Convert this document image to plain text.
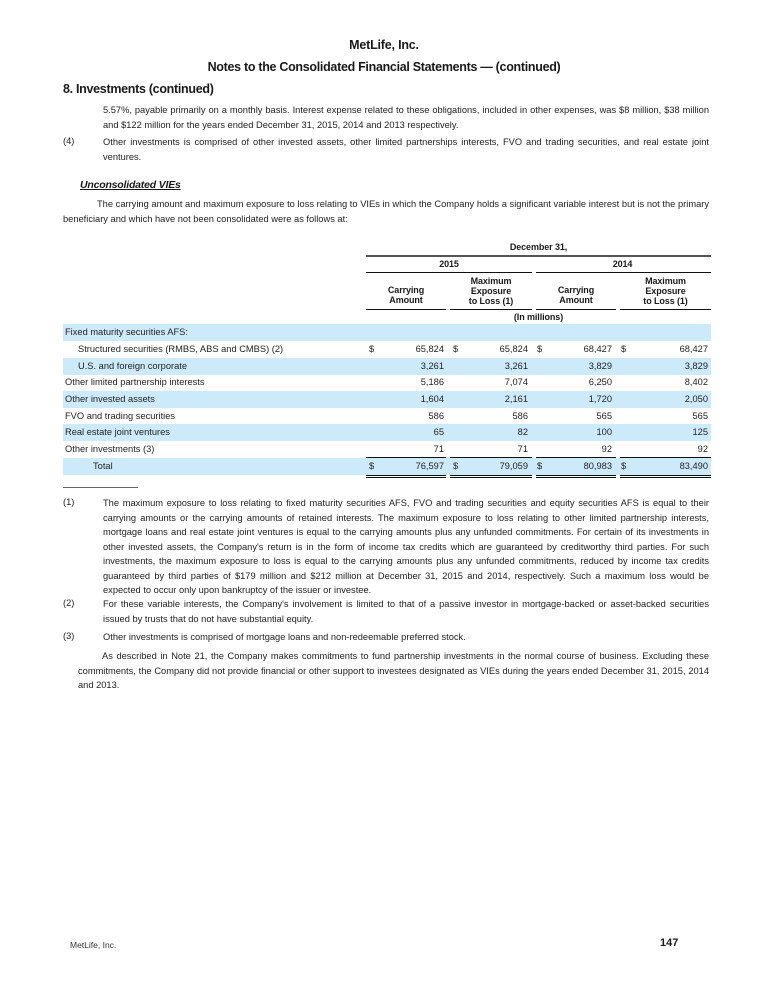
MetLife, Inc.
Notes to the Consolidated Financial Statements — (continued)
8. Investments (continued)
5.57%, payable primarily on a monthly basis. Interest expense related to these obligations, included in other expenses, was $8 million, $38 million and $122 million for the years ended December 31, 2015, 2014 and 2013 respectively.
(4)	Other investments is comprised of other invested assets, other limited partnerships interests, FVO and trading securities, and real estate joint ventures.
Unconsolidated VIEs
The carrying amount and maximum exposure to loss relating to VIEs in which the Company holds a significant variable interest but is not the primary beneficiary and which have not been consolidated were as follows at:
December 31,
2015	2014
Carrying
Amount
Maximum
Exposure
to Loss (1)
Carrying
Amount
Maximum
Exposure
to Loss (1)
(In millions)
Fixed maturity securities AFS:
Structured securities (RMBS, ABS and CMBS) (2)	$	65,824 $	65,824 $	68,427 $	68,427
U.S. and foreign corporate	3,261	3,261	3,829	3,829
Other limited partnership interests	5,186	7,074	6,250	8,402
Other invested assets	1,604	2,161	1,720	2,050
FVO and trading securities	586	586	565	565
Real estate joint ventures	65	82	100	125
Other investments (3)	71	71	92	92
Total	$	76,597 $	79,059 $	80,983 $	83,490
(1)	The maximum exposure to loss relating to fixed maturity securities AFS, FVO and trading securities and equity securities AFS is equal to their carrying amounts or the carrying amounts of retained interests. The maximum exposure to loss relating to other limited partnership interests, mortgage loans and real estate joint ventures is equal to the carrying amounts plus any unfunded commitments. For certain of its investments in other invested assets, the Company's return is in the form of income tax credits which are guaranteed by creditworthy third parties. For such investments, the maximum exposure to loss is equal to the carrying amounts plus any unfunded commitments, reduced by income tax credits guaranteed by third parties of $179 million and $212 million at December 31, 2015 and 2014, respectively. Such a maximum loss would be expected to occur only upon bankruptcy of the issuer or investee.
(2)	For these variable interests, the Company's involvement is limited to that of a passive investor in mortgage-backed or asset-backed securities issued by trusts that do not have substantial equity.
(3)	Other investments is comprised of mortgage loans and non-redeemable preferred stock.
As described in Note 21, the Company makes commitments to fund partnership investments in the normal course of business. Excluding these commitments, the Company did not provide financial or other support to investees designated as VIEs during the years ended December 31, 2015, 2014 and 2013.
MetLife, Inc.	147
